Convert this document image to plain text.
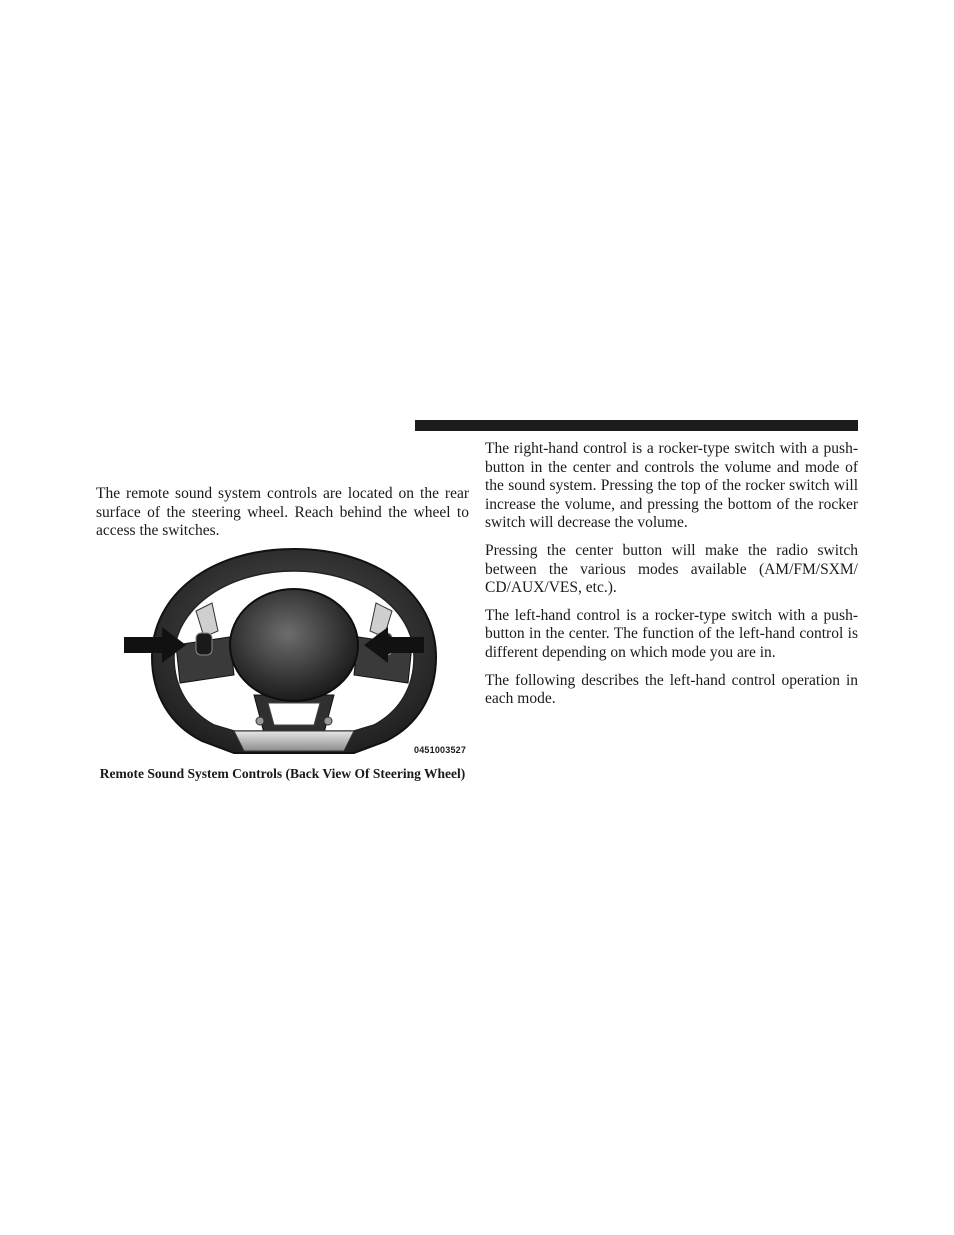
The remote sound system controls are located on the rear surface of the steering wheel. Reach behind the wheel to access the switches.

0451003527
Remote Sound System Controls (Back View Of Steering Wheel)

The right-hand control is a rocker-type switch with a push-button in the center and controls the volume and mode of the sound system. Pressing the top of the rocker switch will increase the volume, and pressing the bottom of the rocker switch will decrease the volume.

Pressing the center button will make the radio switch between the various modes available (AM/FM/SXM/ CD/AUX/VES, etc.).

The left-hand control is a rocker-type switch with a push-button in the center. The function of the left-hand control is different depending on which mode you are in.

The following describes the left-hand control operation in each mode.
